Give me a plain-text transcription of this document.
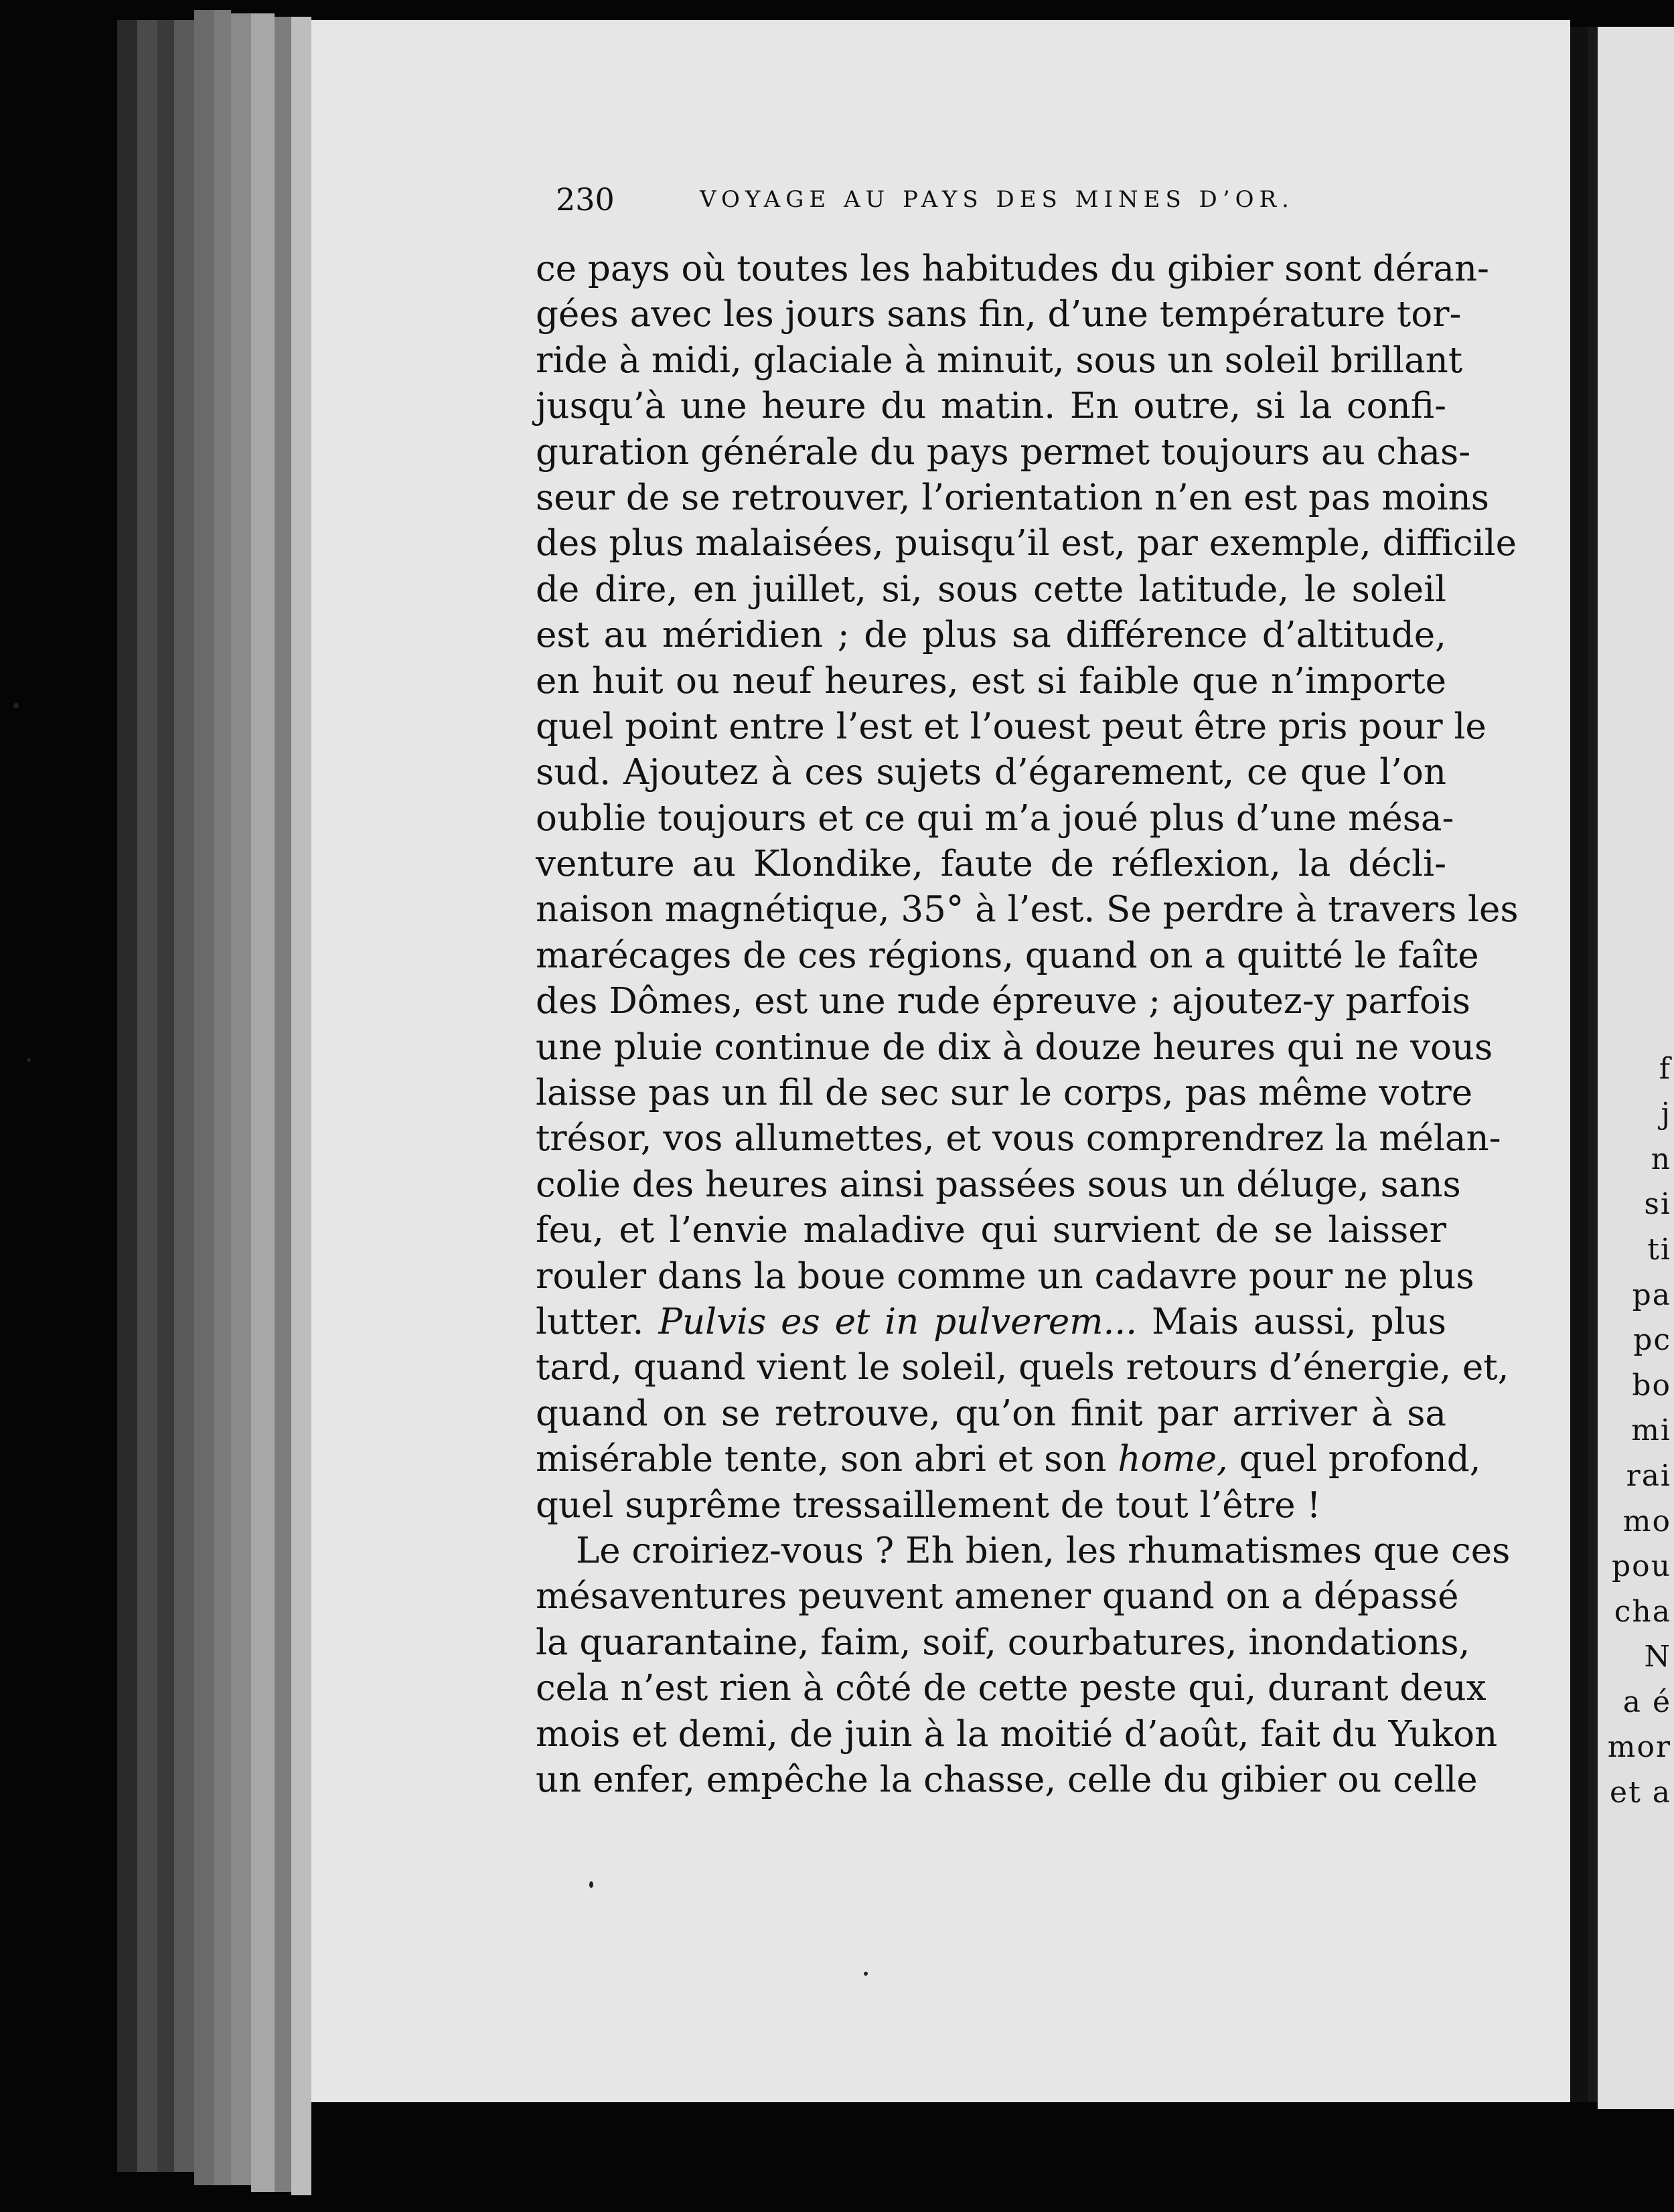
f
j
n
si
ti
pa
pc
bo
mi
rai
mo
pou
cha
N
a é
mor
et a
230	VOYAGE AU PAYS DES MINES D’OR.
ce pays où toutes les habitudes du gibier sont déran-
gées avec les jours sans fin, d’une température tor-
ride à midi, glaciale à minuit, sous un soleil brillant
jusqu’à une heure du matin. En outre, si la confi-
guration générale du pays permet toujours au chas-
seur de se retrouver, l’orientation n’en est pas moins
des plus malaisées, puisqu’il est, par exemple, difficile
de dire, en juillet, si, sous cette latitude, le soleil
est au méridien ; de plus sa différence d’altitude,
en huit ou neuf heures, est si faible que n’importe
quel point entre l’est et l’ouest peut être pris pour le
sud. Ajoutez à ces sujets d’égarement, ce que l’on
oublie toujours et ce qui m’a joué plus d’une mésa-
venture au Klondike, faute de réflexion, la décli-
naison magnétique, 35° à l’est. Se perdre à travers les
marécages de ces régions, quand on a quitté le faîte
des Dômes, est une rude épreuve ; ajoutez-y parfois
une pluie continue de dix à douze heures qui ne vous
laisse pas un fil de sec sur le corps, pas même votre
trésor, vos allumettes, et vous comprendrez la mélan-
colie des heures ainsi passées sous un déluge, sans
feu, et l’envie maladive qui survient de se laisser
rouler dans la boue comme un cadavre pour ne plus
lutter. Pulvis es et in pulverem... Mais aussi, plus
tard, quand vient le soleil, quels retours d’énergie, et,
quand on se retrouve, qu’on finit par arriver à sa
misérable tente, son abri et son home, quel profond,
quel suprême tressaillement de tout l’être !
Le croiriez-vous ? Eh bien, les rhumatismes que ces
mésaventures peuvent amener quand on a dépassé
la quarantaine, faim, soif, courbatures, inondations,
cela n’est rien à côté de cette peste qui, durant deux
mois et demi, de juin à la moitié d’août, fait du Yukon
un enfer, empêche la chasse, celle du gibier ou celle
